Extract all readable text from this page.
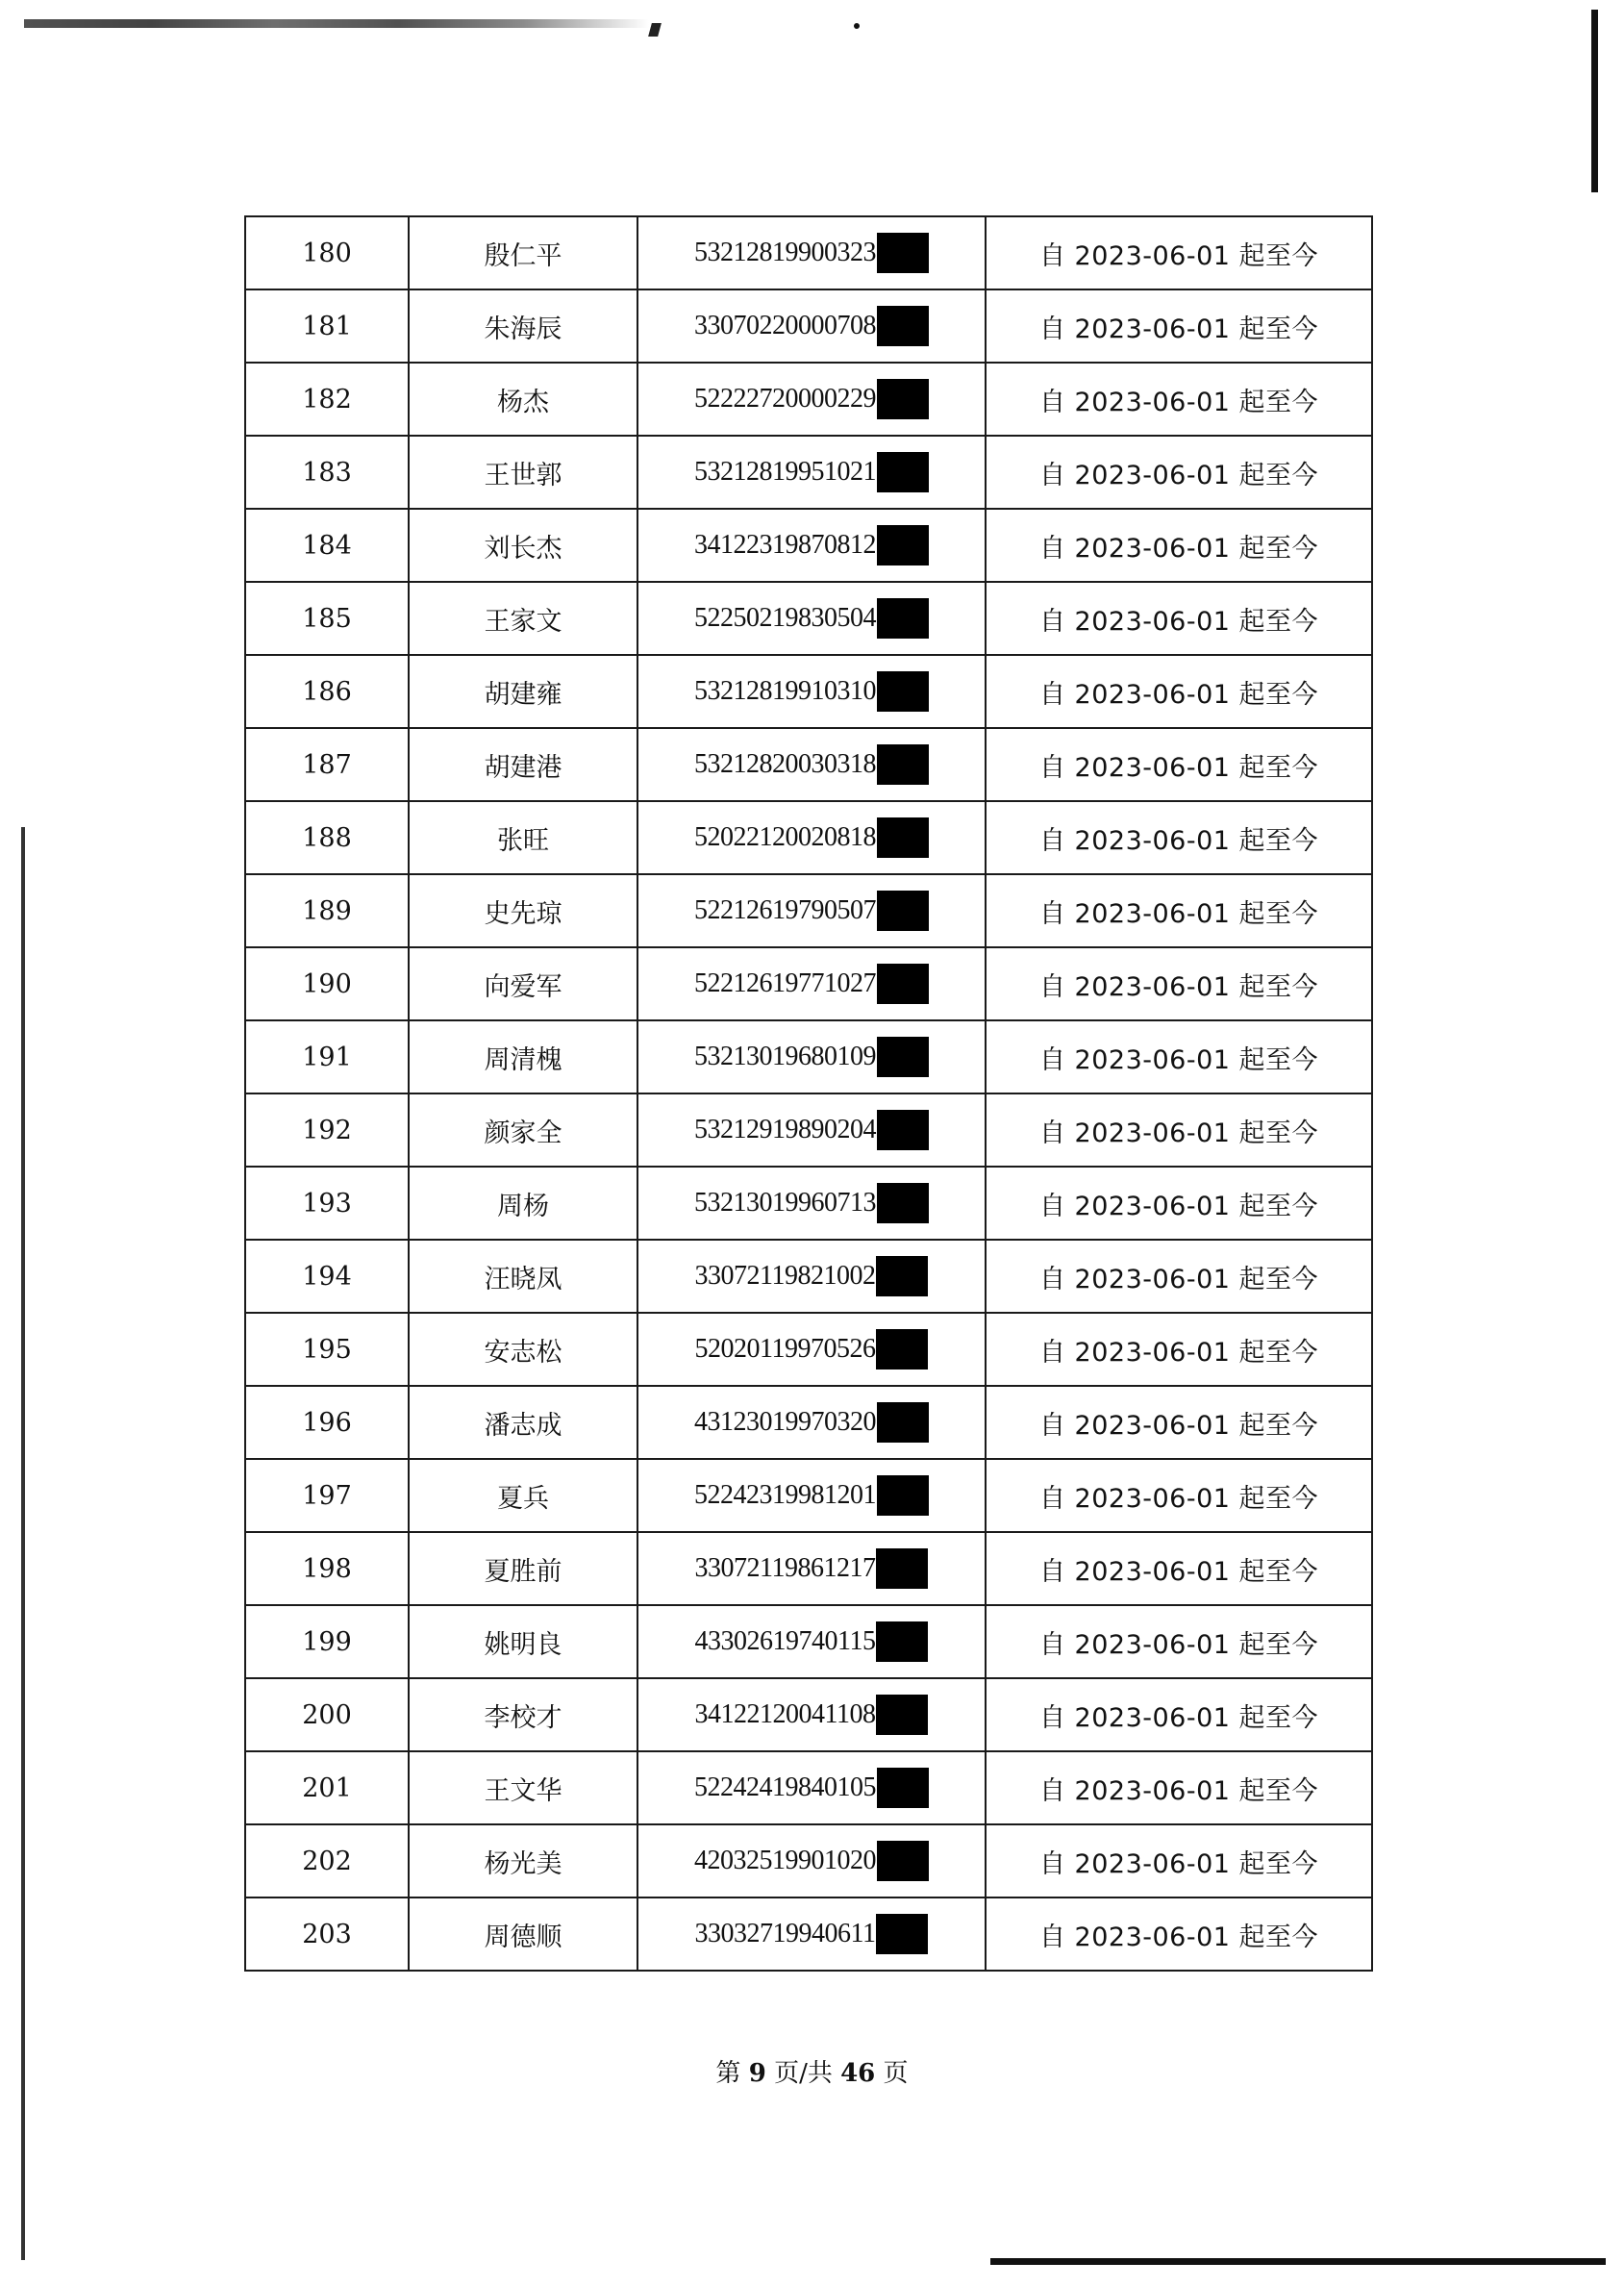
180	殷仁平	53212819900323	自 2023-06-01 起至今
181	朱海辰	33070220000708	自 2023-06-01 起至今
182	杨杰	52222720000229	自 2023-06-01 起至今
183	王世郭	53212819951021	自 2023-06-01 起至今
184	刘长杰	34122319870812	自 2023-06-01 起至今
185	王家文	52250219830504	自 2023-06-01 起至今
186	胡建雍	53212819910310	自 2023-06-01 起至今
187	胡建港	53212820030318	自 2023-06-01 起至今
188	张旺	52022120020818	自 2023-06-01 起至今
189	史先琼	52212619790507	自 2023-06-01 起至今
190	向爱军	52212619771027	自 2023-06-01 起至今
191	周清槐	53213019680109	自 2023-06-01 起至今
192	颜家全	53212919890204	自 2023-06-01 起至今
193	周杨	53213019960713	自 2023-06-01 起至今
194	汪晓凤	33072119821002	自 2023-06-01 起至今
195	安志松	52020119970526	自 2023-06-01 起至今
196	潘志成	43123019970320	自 2023-06-01 起至今
197	夏兵	52242319981201	自 2023-06-01 起至今
198	夏胜前	33072119861217	自 2023-06-01 起至今
199	姚明良	43302619740115	自 2023-06-01 起至今
200	李校才	34122120041108	自 2023-06-01 起至今
201	王文华	52242419840105	自 2023-06-01 起至今
202	杨光美	42032519901020	自 2023-06-01 起至今
203	周德顺	33032719940611	自 2023-06-01 起至今
第 9 页/共 46 页
